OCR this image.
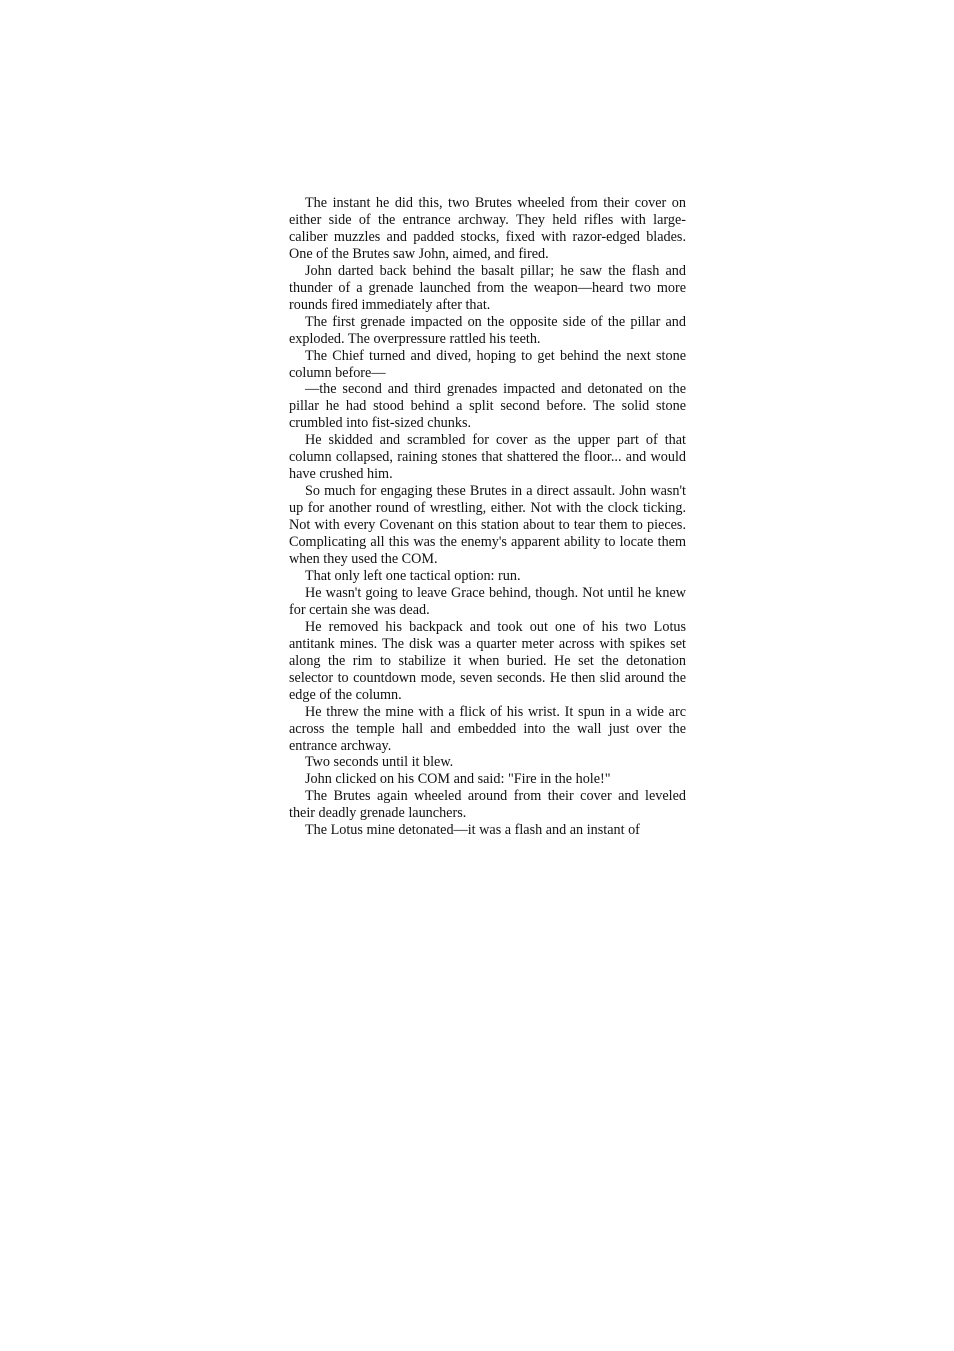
The instant he did this, two Brutes wheeled from their cover on either side of the entrance archway. They held rifles with large-caliber muzzles and padded stocks, fixed with razor-edged blades. One of the Brutes saw John, aimed, and fired.

John darted back behind the basalt pillar; he saw the flash and thunder of a grenade launched from the weapon—heard two more rounds fired immediately after that.

The first grenade impacted on the opposite side of the pillar and exploded. The overpressure rattled his teeth.

The Chief turned and dived, hoping to get behind the next stone column before—

—the second and third grenades impacted and detonated on the pillar he had stood behind a split second before. The solid stone crumbled into fist-sized chunks.

He skidded and scrambled for cover as the upper part of that column collapsed, raining stones that shattered the floor... and would have crushed him.

So much for engaging these Brutes in a direct assault. John wasn't up for another round of wrestling, either. Not with the clock ticking. Not with every Covenant on this station about to tear them to pieces. Complicating all this was the enemy's apparent ability to locate them when they used the COM.

That only left one tactical option: run.

He wasn't going to leave Grace behind, though. Not until he knew for certain she was dead.

He removed his backpack and took out one of his two Lotus antitank mines. The disk was a quarter meter across with spikes set along the rim to stabilize it when buried. He set the detonation selector to countdown mode, seven seconds. He then slid around the edge of the column.

He threw the mine with a flick of his wrist. It spun in a wide arc across the temple hall and embedded into the wall just over the entrance archway.

Two seconds until it blew.

John clicked on his COM and said: "Fire in the hole!"

The Brutes again wheeled around from their cover and leveled their deadly grenade launchers.

The Lotus mine detonated—it was a flash and an instant of
